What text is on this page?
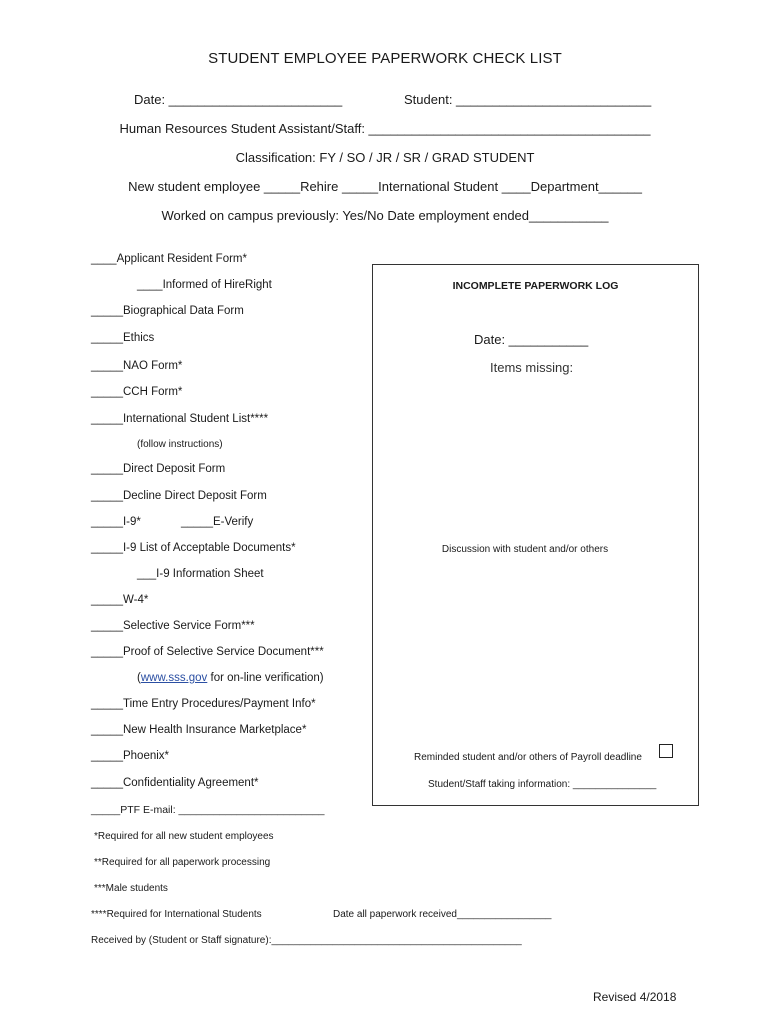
STUDENT EMPLOYEE PAPERWORK CHECK LIST
Date: ________________________	Student: ___________________________
Human Resources Student Assistant/Staff: _______________________________________
Classification: FY / SO / JR / SR / GRAD STUDENT
New student employee _____Rehire _____International Student ____Department______
Worked on campus previously: Yes/No Date employment ended___________
____Applicant Resident Form*
____Informed of HireRight
_____Biographical Data Form
_____Ethics
_____NAO Form*
_____CCH Form*
_____International Student List****
(follow instructions)
_____Direct Deposit Form
_____Decline Direct Deposit Form
_____I-9*	_____E-Verify
_____I-9 List of Acceptable Documents*
___I-9 Information Sheet
_____W-4*
_____Selective Service Form***
_____Proof of Selective Service Document***
(www.sss.gov for on-line verification)
_____Time Entry Procedures/Payment Info*
_____New Health Insurance Marketplace*
_____Phoenix*
_____Confidentiality Agreement*
_____PTF E-mail: _________________________
INCOMPLETE PAPERWORK LOG
Date: ___________
Items missing:
Discussion with student and/or others
Reminded student and/or others of Payroll deadline
Student/Staff taking information: _______________
*Required for all new student employees
**Required for all paperwork processing
***Male students
****Required for International Students	Date all paperwork received_________________
Received by (Student or Staff signature):_____________________________________________
Revised 4/2018
